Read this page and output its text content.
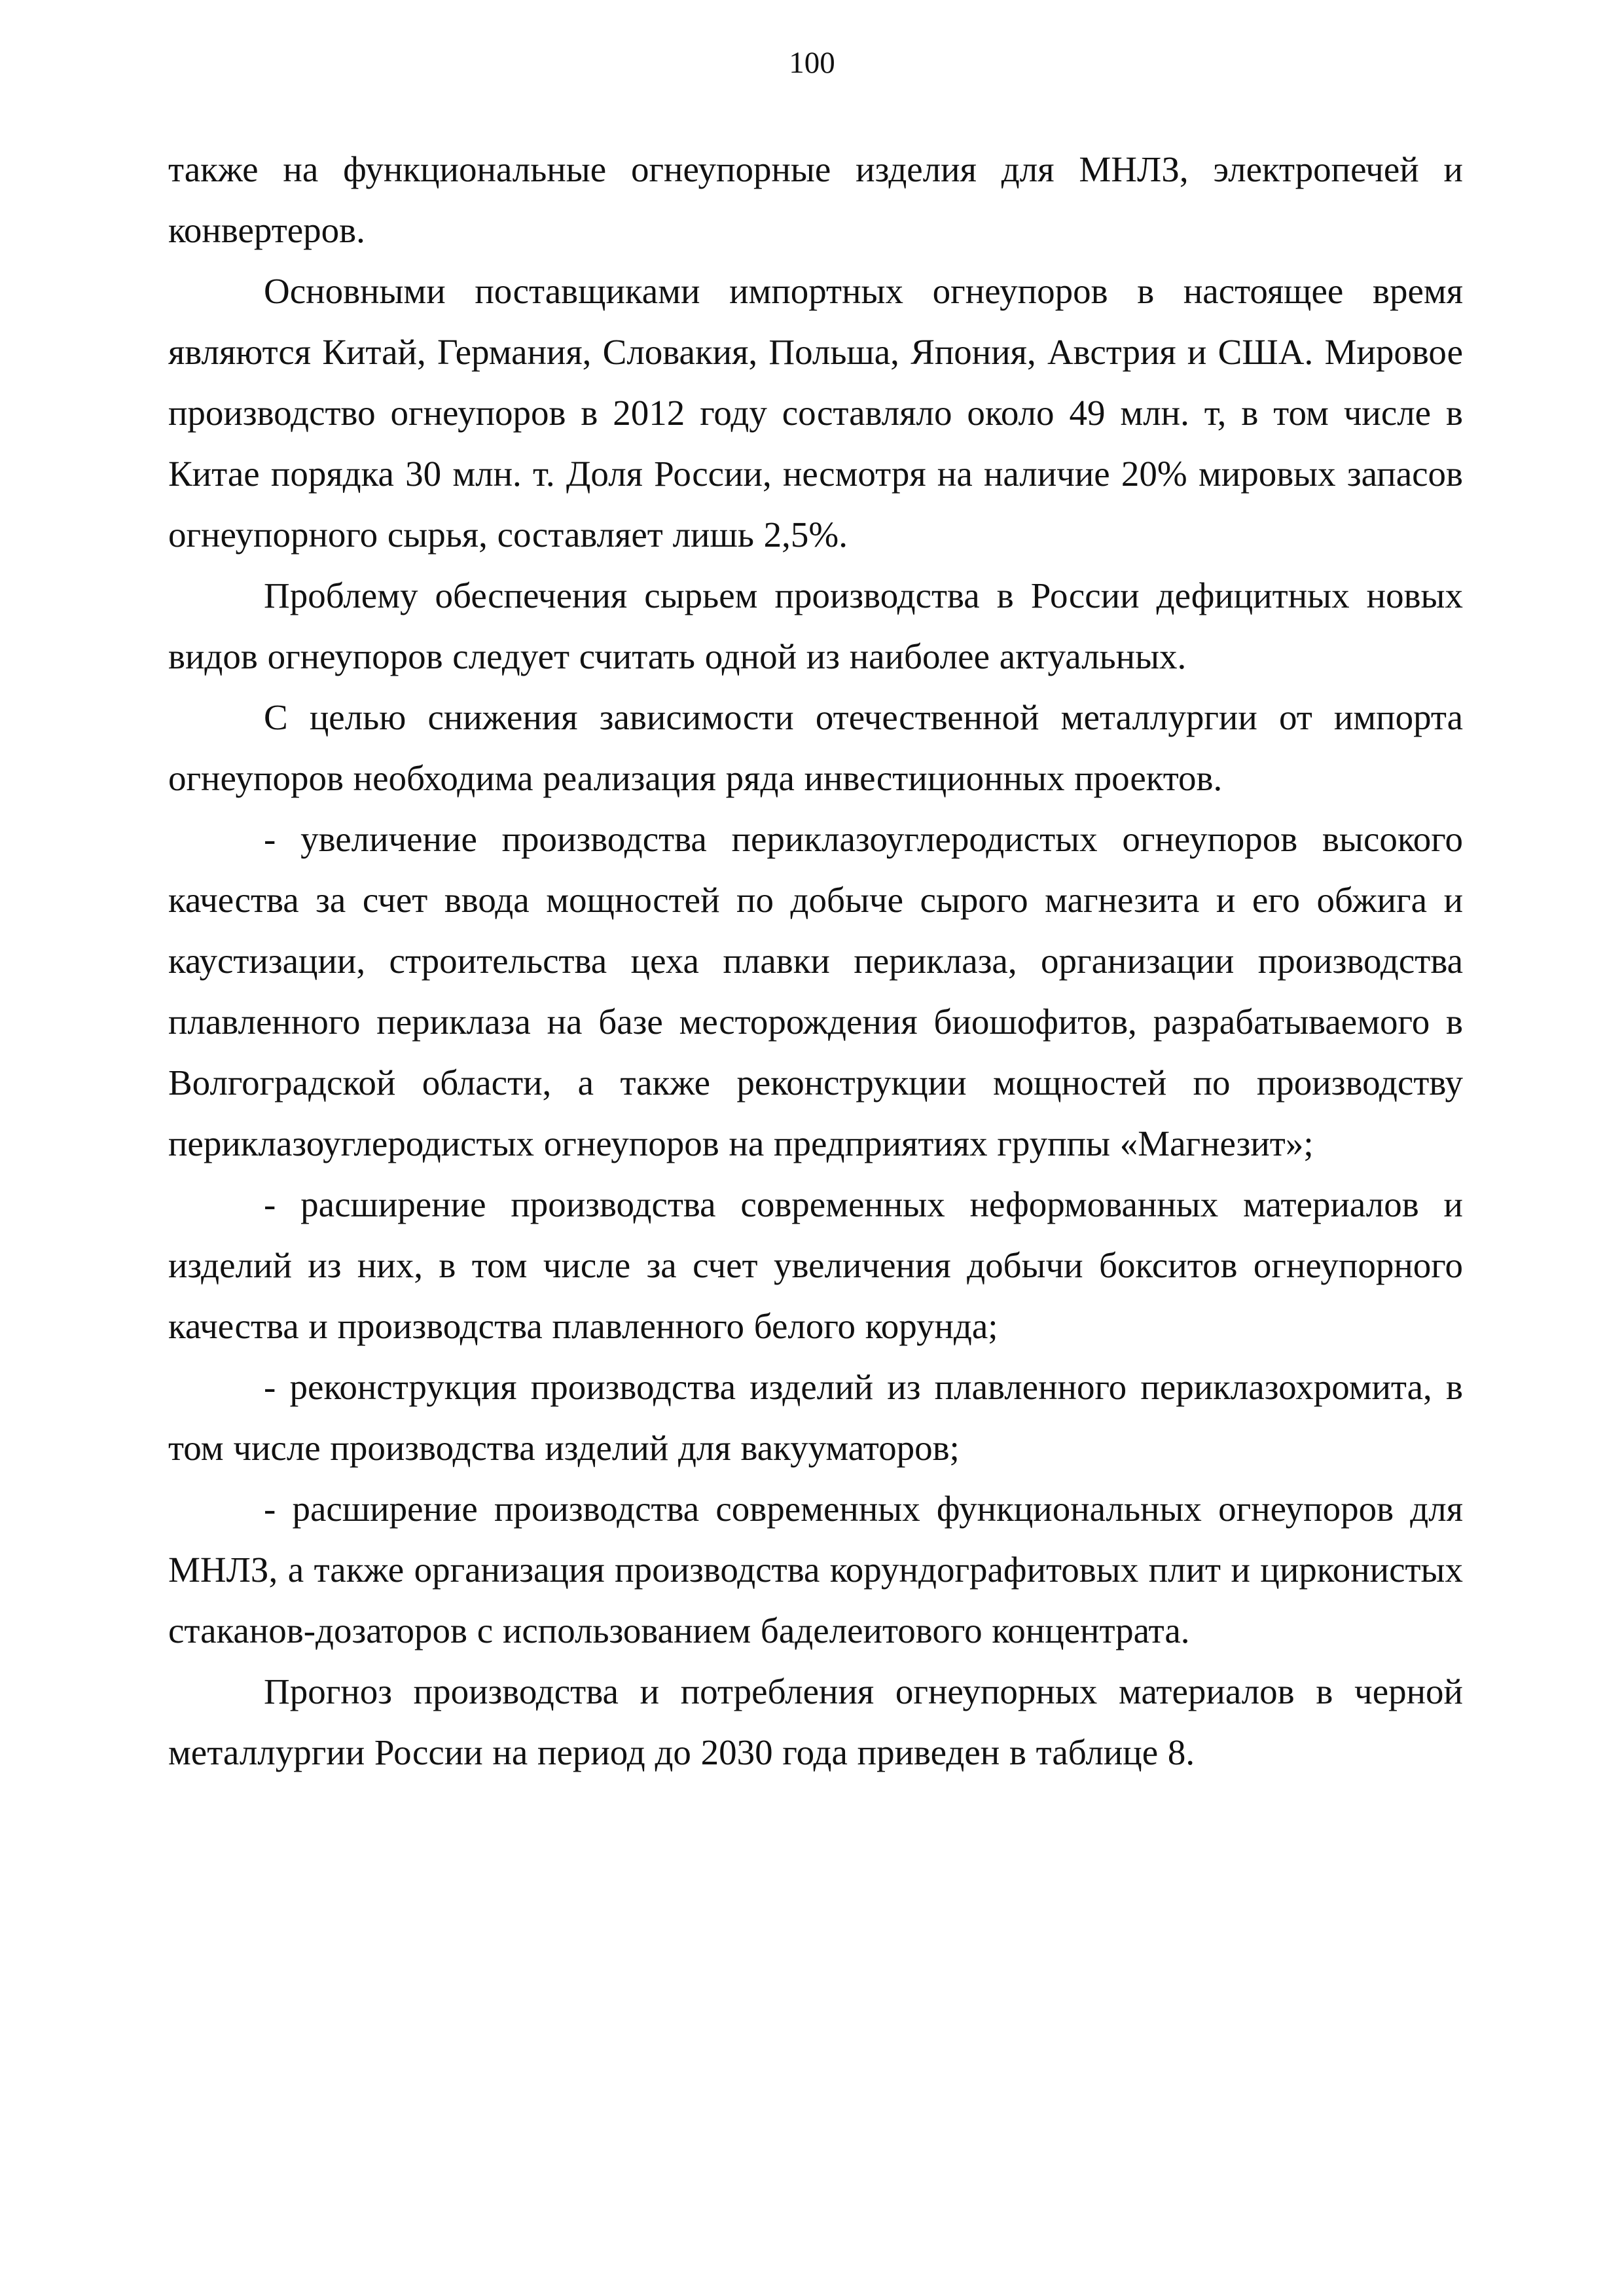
100

также на функциональные огнеупорные изделия для МНЛЗ, электропечей и конвертеров.

Основными поставщиками импортных огнеупоров в настоящее время являются Китай, Германия, Словакия, Польша, Япония, Австрия и США. Мировое производство огнеупоров в 2012 году составляло около 49 млн. т, в том числе в Китае порядка 30 млн. т. Доля России, несмотря на наличие 20% мировых запасов огнеупорного сырья, составляет лишь 2,5%.

Проблему обеспечения сырьем производства в России дефицитных новых видов огнеупоров следует считать одной из наиболее актуальных.

С целью снижения зависимости отечественной металлургии от импорта огнеупоров необходима реализация ряда инвестиционных проектов.

- увеличение производства периклазоуглеродистых огнеупоров высокого качества за счет ввода мощностей по добыче сырого магнезита и его обжига и каустизации, строительства цеха плавки периклаза, организации производства плавленного периклаза на базе месторождения биошофитов, разрабатываемого в Волгоградской области, а также реконструкции мощностей по производству периклазоуглеродистых огнеупоров на предприятиях группы «Магнезит»;

- расширение производства современных неформованных материалов и изделий из них, в том числе за счет увеличения добычи бокситов огнеупорного качества и производства плавленного белого корунда;

- реконструкция производства изделий из плавленного периклазохромита, в том числе производства изделий для вакууматоров;

- расширение производства современных функциональных огнеупоров для МНЛЗ, а также организация производства корундографитовых плит и цирконистых стаканов-дозаторов с использованием баделеитового концентрата.

Прогноз производства и потребления огнеупорных материалов в черной металлургии России на период до 2030 года приведен в таблице 8.
